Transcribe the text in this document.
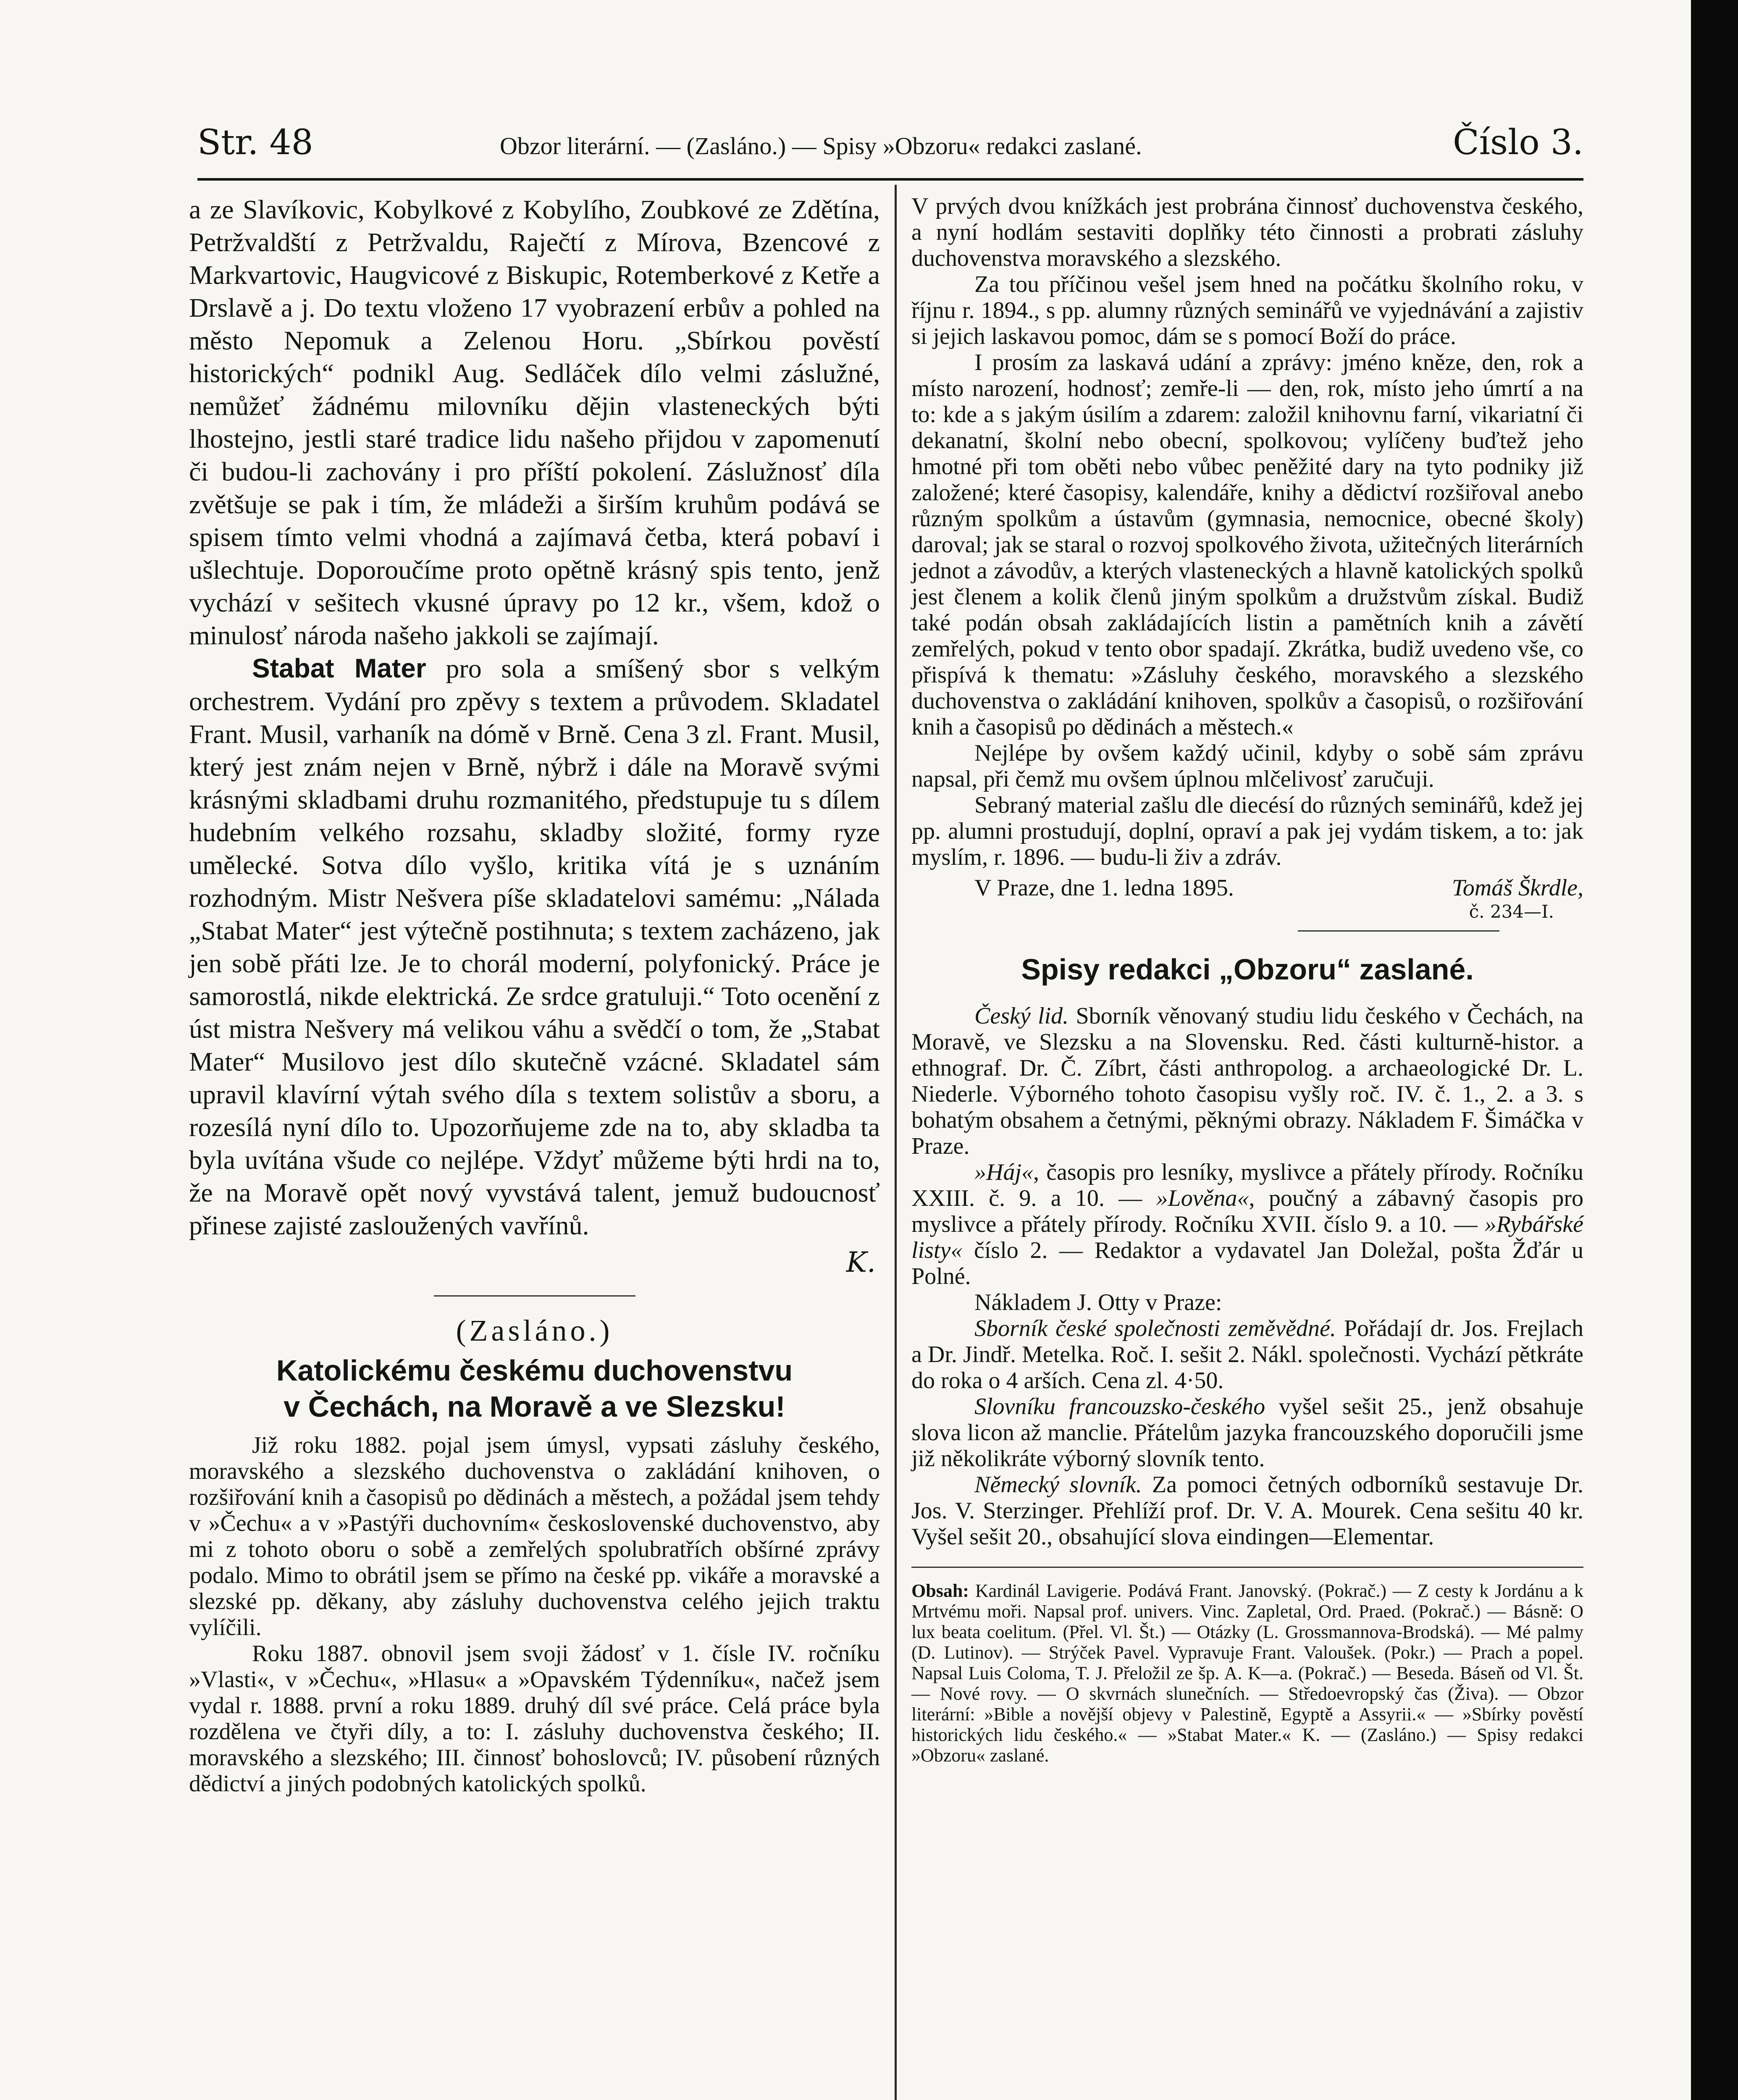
Str. 48	Obzor literární. — (Zasláno.) — Spisy »Obzoru« redakci zaslané.	Číslo 3.

a ze Slavíkovic, Kobylkové z Kobylího, Zoubkové ze Zdětína, Petržvaldští z Petržvaldu, Raječtí z Mírova, Bzencové z Markvartovic, Haugvicové z Biskupic, Rotemberkové z Ketře a Drslavě a j. Do textu vloženo 17 vyobrazení erbův a pohled na město Nepomuk a Zelenou Horu. „Sbírkou pověstí historických“ podnikl Aug. Sedláček dílo velmi záslužné, nemůžeť žádnému milovníku dějin vlasteneckých býti lhostejno, jestli staré tradice lidu našeho přijdou v zapomenutí či budou-li zachovány i pro příští pokolení. Záslužnosť díla zvětšuje se pak i tím, že mládeži a širším kruhům podává se spisem tímto velmi vhodná a zajímavá četba, která pobaví i ušlechtuje. Doporoučíme proto opětně krásný spis tento, jenž vychází v sešitech vkusné úpravy po 12 kr., všem, kdož o minulosť národa našeho jakkoli se zajímají.

Stabat Mater pro sola a smíšený sbor s velkým orchestrem. Vydání pro zpěvy s textem a průvodem. Skladatel Frant. Musil, varhaník na dómě v Brně. Cena 3 zl. Frant. Musil, který jest znám nejen v Brně, nýbrž i dále na Moravě svými krásnými skladbami druhu rozmanitého, předstupuje tu s dílem hudebním velkého rozsahu, skladby složité, formy ryze umělecké. Sotva dílo vyšlo, kritika vítá je s uznáním rozhodným. Mistr Nešvera píše skladatelovi samému: „Nálada „Stabat Mater“ jest výtečně postihnuta; s textem zacházeno, jak jen sobě přáti lze. Je to chorál moderní, polyfonický. Práce je samorostlá, nikde elektrická. Ze srdce gratuluji.“ Toto ocenění z úst mistra Nešvery má velikou váhu a svědčí o tom, že „Stabat Mater“ Musilovo jest dílo skutečně vzácné. Skladatel sám upravil klavírní výtah svého díla s textem solistův a sboru, a rozesílá nyní dílo to. Upozorňujeme zde na to, aby skladba ta byla uvítána všude co nejlépe. Vždyť můžeme býti hrdi na to, že na Moravě opět nový vyvstává talent, jemuž budoucnosť přinese zajisté zasloužených vavřínů.

K.
(Zasláno.)
Katolickému českému duchovenstvu
v Čechách, na Moravě a ve Slezsku!

Již roku 1882. pojal jsem úmysl, vypsati zásluhy českého, moravského a slezského duchovenstva o zakládání knihoven, o rozšiřování knih a časopisů po dědinách a městech, a požádal jsem tehdy v »Čechu« a v »Pastýři duchovním« československé duchovenstvo, aby mi z tohoto oboru o sobě a zemřelých spolubratřích obšírné zprávy podalo. Mimo to obrátil jsem se přímo na české pp. vikáře a moravské a slezské pp. děkany, aby zásluhy duchovenstva celého jejich traktu vylíčili.

Roku 1887. obnovil jsem svoji žádosť v 1. čísle IV. ročníku »Vlasti«, v »Čechu«, »Hlasu« a »Opavském Týdenníku«, načež jsem vydal r. 1888. první a roku 1889. druhý díl své práce. Celá práce byla rozdělena ve čtyři díly, a to: I. zásluhy duchovenstva českého; II. moravského a slezského; III. činnosť bohoslovců; IV. působení různých dědictví a jiných podobných katolických spolků.

V prvých dvou knížkách jest probrána činnosť duchovenstva českého, a nyní hodlám sestaviti doplňky této činnosti a probrati zásluhy duchovenstva moravského a slezského.

Za tou příčinou vešel jsem hned na počátku školního roku, v říjnu r. 1894., s pp. alumny různých seminářů ve vyjednávání a zajistiv si jejich laskavou pomoc, dám se s pomocí Boží do práce.

I prosím za laskavá udání a zprávy: jméno kněze, den, rok a místo narození, hodnosť; zemře-li — den, rok, místo jeho úmrtí a na to: kde a s jakým úsilím a zdarem: založil knihovnu farní, vikariatní či dekanatní, školní nebo obecní, spolkovou; vylíčeny buďtež jeho hmotné při tom oběti nebo vůbec peněžité dary na tyto podniky již založené; které časopisy, kalendáře, knihy a dědictví rozšiřoval anebo různým spolkům a ústavům (gymnasia, nemocnice, obecné školy) daroval; jak se staral o rozvoj spolkového života, užitečných literárních jednot a závodův, a kterých vlasteneckých a hlavně katolických spolků jest členem a kolik členů jiným spolkům a družstvům získal. Budiž také podán obsah zakládajících listin a pamětních knih a závětí zemřelých, pokud v tento obor spadají. Zkrátka, budiž uvedeno vše, co přispívá k thematu: »Zásluhy českého, moravského a slezského duchovenstva o zakládání knihoven, spolkův a časopisů, o rozšiřování knih a časopisů po dědinách a městech.«

Nejlépe by ovšem každý učinil, kdyby o sobě sám zprávu napsal, při čemž mu ovšem úplnou mlčelivosť zaručuji.

Sebraný material zašlu dle diecésí do různých seminářů, kdež jej pp. alumni prostudují, doplní, opraví a pak jej vydám tiskem, a to: jak myslím, r. 1896. — budu-li živ a zdráv.

V Praze, dne 1. ledna 1895.	Tomáš Škrdle,
č. 234—I.
Spisy redakci „Obzoru“ zaslané.

Český lid. Sborník věnovaný studiu lidu českého v Čechách, na Moravě, ve Slezsku a na Slovensku. Red. části kulturně-histor. a ethnograf. Dr. Č. Zíbrt, části anthropolog. a archaeologické Dr. L. Niederle. Výborného tohoto časopisu vyšly roč. IV. č. 1., 2. a 3. s bohatým obsahem a četnými, pěknými obrazy. Nákladem F. Šimáčka v Praze.

»Háj«, časopis pro lesníky, myslivce a přátely přírody. Ročníku XXIII. č. 9. a 10. — »Lověna«, poučný a zábavný časopis pro myslivce a přátely přírody. Ročníku XVII. číslo 9. a 10. — »Rybářské listy« číslo 2. — Redaktor a vydavatel Jan Doležal, pošta Žďár u Polné.

Nákladem J. Otty v Praze:

Sborník české společnosti zeměvědné. Pořádají dr. Jos. Frejlach a Dr. Jindř. Metelka. Roč. I. sešit 2. Nákl. společnosti. Vychází pětkráte do roka o 4 arších. Cena zl. 4·50.

Slovníku francouzsko-českého vyšel sešit 25., jenž obsahuje slova licon až manclie. Přátelům jazyka francouzského doporučili jsme již několikráte výborný slovník tento.

Německý slovník. Za pomoci četných odborníků sestavuje Dr. Jos. V. Sterzinger. Přehlíží prof. Dr. V. A. Mourek. Cena sešitu 40 kr. Vyšel sešit 20., obsahující slova eindingen—Elementar.

Obsah: Kardinál Lavigerie. Podává Frant. Janovský. (Pokrač.) — Z cesty k Jordánu a k Mrtvému moři. Napsal prof. univers. Vinc. Zapletal, Ord. Praed. (Pokrač.) — Básně: O lux beata coelitum. (Přel. Vl. Št.) — Otázky (L. Grossmannova-Brodská). — Mé palmy (D. Lutinov). — Strýček Pavel. Vypravuje Frant. Valoušek. (Pokr.) — Prach a popel. Napsal Luis Coloma, T. J. Přeložil ze šp. A. K—a. (Pokrač.) — Beseda. Báseň od Vl. Št. — Nové rovy. — O skvrnách slunečních. — Středoevropský čas (Živa). — Obzor literární: »Bible a novější objevy v Palestině, Egyptě a Assyrii.« — »Sbírky pověstí historických lidu českého.« — »Stabat Mater.« K. — (Zasláno.) — Spisy redakci »Obzoru« zaslané.
